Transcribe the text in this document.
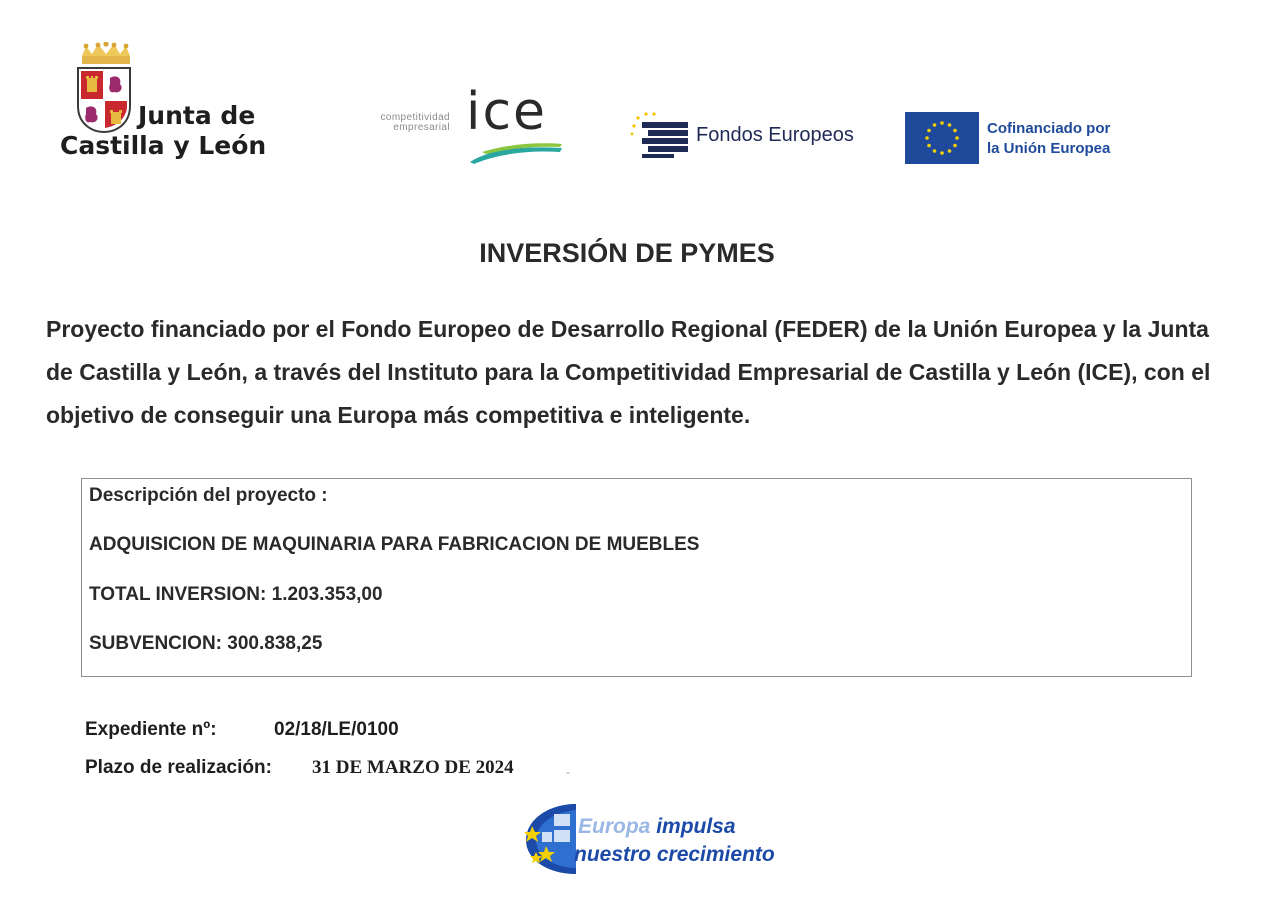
Junta de
Castilla y León
competitividad
empresarial ice	Fondos Europeos	Cofinanciado por
la Unión Europea
INVERSIÓN DE PYMES

Proyecto financiado por el Fondo Europeo de Desarrollo Regional (FEDER) de la Unión Europea y la Junta de Castilla y León, a través del Instituto para la Competitividad Empresarial de Castilla y León (ICE), con el objetivo de conseguir una Europa más competitiva e inteligente.

Descripción del proyecto :
ADQUISICION DE MAQUINARIA PARA FABRICACION DE MUEBLES
TOTAL INVERSION: 1.203.353,00
SUBVENCION: 300.838,25
Expediente nº:	02/18/LE/0100
Plazo de realización: 31 DE MARZO DE 2024	-
Europa impulsa
nuestro crecimiento
